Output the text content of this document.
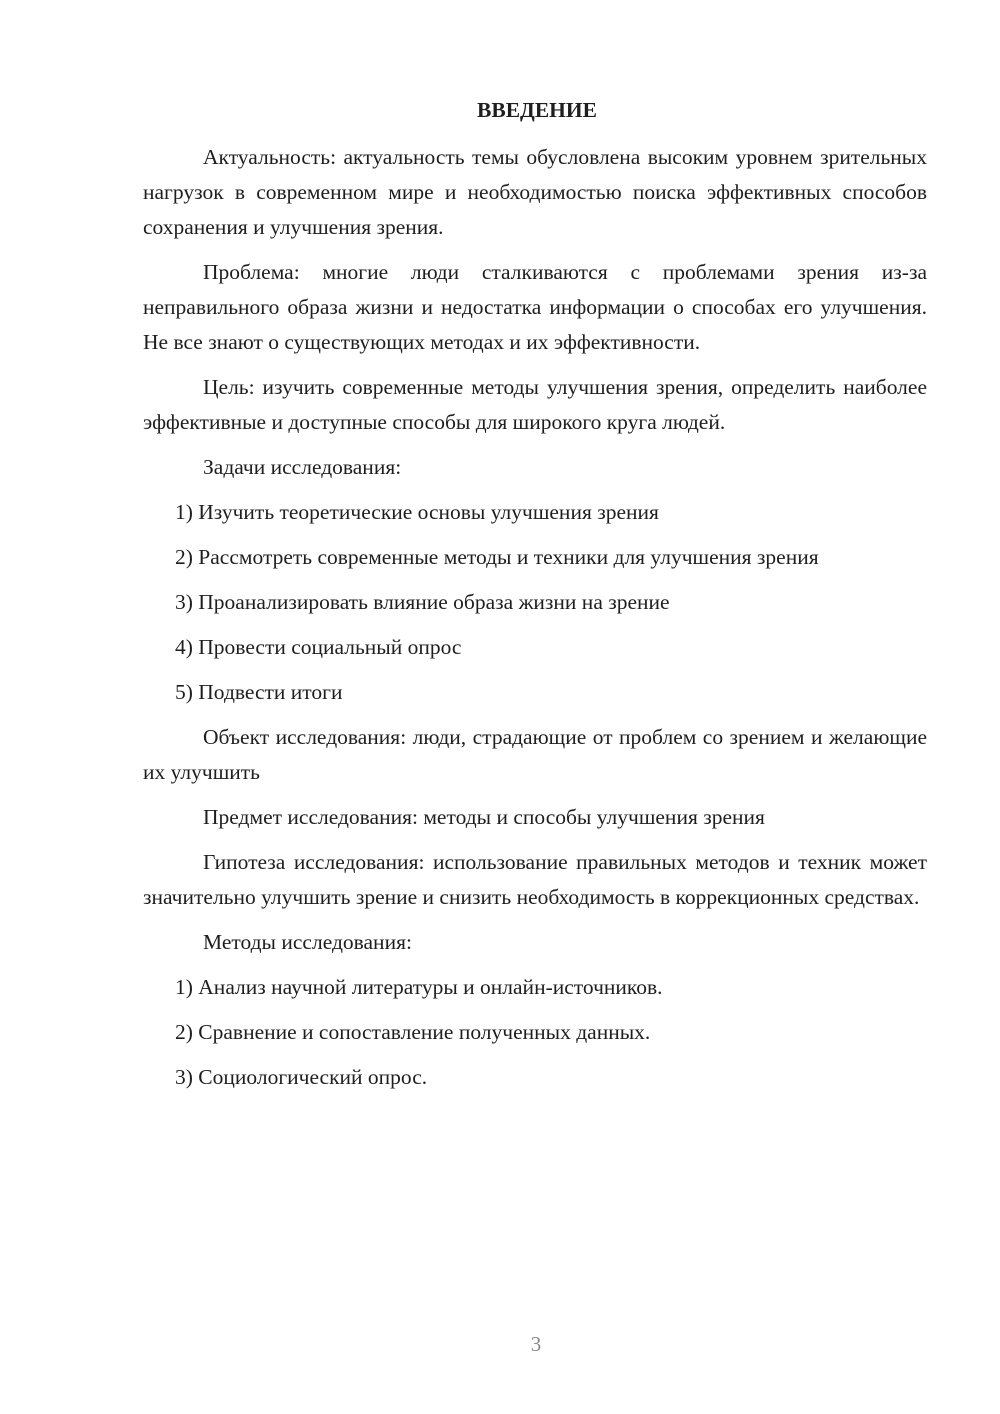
ВВЕДЕНИЕ

Актуальность: актуальность темы обусловлена высоким уровнем зрительных нагрузок в современном мире и необходимостью поиска эффективных способов сохранения и улучшения зрения.

Проблема: многие люди сталкиваются с проблемами зрения из-за неправильного образа жизни и недостатка информации о способах его улучшения. Не все знают о существующих методах и их эффективности.

Цель: изучить современные методы улучшения зрения, определить наиболее эффективные и доступные способы для широкого круга людей.

Задачи исследования:

1) Изучить теоретические основы улучшения зрения
2) Рассмотреть современные методы и техники для улучшения зрения
3) Проанализировать влияние образа жизни на зрение
4) Провести социальный опрос
5) Подвести итоги

Объект исследования: люди, страдающие от проблем со зрением и желающие их улучшить

Предмет исследования: методы и способы улучшения зрения

Гипотеза исследования: использование правильных методов и техник может значительно улучшить зрение и снизить необходимость в коррекционных средствах.

Методы исследования:

1) Анализ научной литературы и онлайн-источников.
2) Сравнение и сопоставление полученных данных.
3) Социологический опрос.
3
